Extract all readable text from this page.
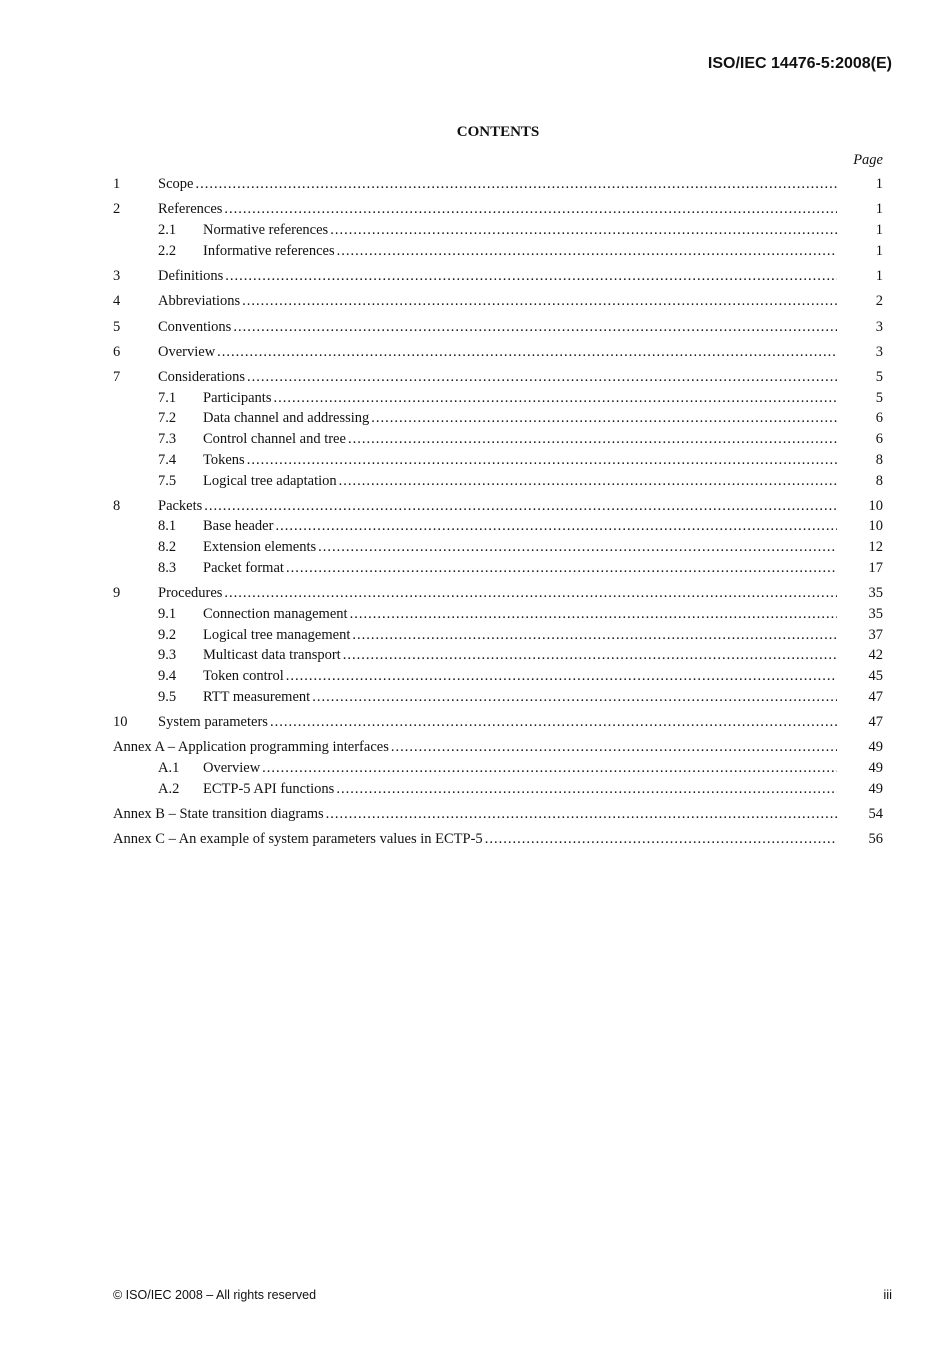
ISO/IEC 14476-5:2008(E)
CONTENTS
Page
1	Scope .....	1
2	References .....	1
2.1	Normative references .....	1
2.2	Informative references .....	1
3	Definitions .....	1
4	Abbreviations .....	2
5	Conventions .....	3
6	Overview .....	3
7	Considerations .....	5
7.1	Participants .....	5
7.2	Data channel and addressing .....	6
7.3	Control channel and tree .....	6
7.4	Tokens .....	8
7.5	Logical tree adaptation .....	8
8	Packets .....	10
8.1	Base header .....	10
8.2	Extension elements .....	12
8.3	Packet format .....	17
9	Procedures .....	35
9.1	Connection management .....	35
9.2	Logical tree management .....	37
9.3	Multicast data transport .....	42
9.4	Token control .....	45
9.5	RTT measurement .....	47
10	System parameters .....	47
Annex A – Application programming interfaces .....	49
A.1	Overview .....	49
A.2	ECTP-5 API functions .....	49
Annex B – State transition diagrams .....	54
Annex C – An example of system parameters values in ECTP-5 .....	56
© ISO/IEC 2008 – All rights reserved	iii
